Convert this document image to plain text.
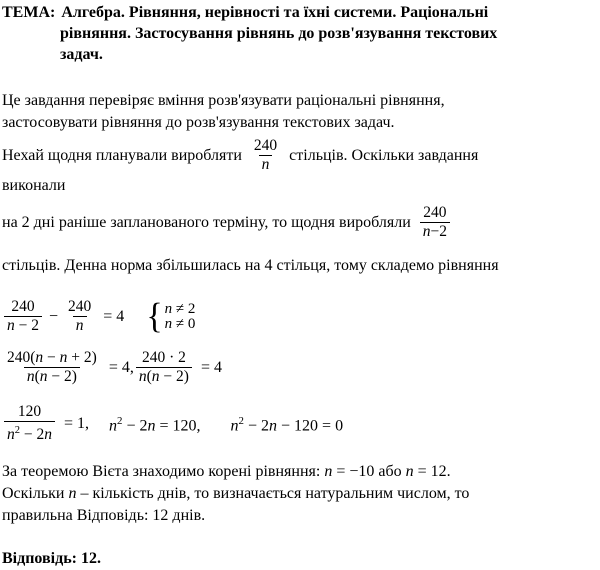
ТЕМА: Алгебра. Рівняння, нерівності та їхні системи. Раціональні
рівняння. Застосування рівнянь до розв'язування текстових
задач.
Це завдання перевіряє вміння розв'язувати раціональні рівняння,
застосовувати рівняння до розв'язування текстових задач.
Нехай щодня планували виробляти $\frac{240}{n}$ стільців. Оскільки завдання
виконали
на 2 дні раніше запланованого терміну, то щодня виробляли $\frac{240}{n-2}$
стільців. Денна норма збільшилась на 4 стільця, тому складемо рівняння
$\frac{240}{n - 2} - \frac{240}{n} = 4$ { n ≠ 2
n ≠ 0
$\frac{240(n - n + 2)}{n(n - 2)} = 4$, $\frac{240 \cdot 2}{n(n - 2)} = 4$
$\frac{120}{n^2 - 2n} = 1$, $n^2 - 2n = 120$, $n^2 - 2n - 120 = 0$
За теоремою Вієта знаходимо корені рівняння: n = −10 або n = 12.
Оскільки n – кількість днів, то визначається натуральним числом, то
правильна Відповідь: 12 днів.
Відповідь: 12.
